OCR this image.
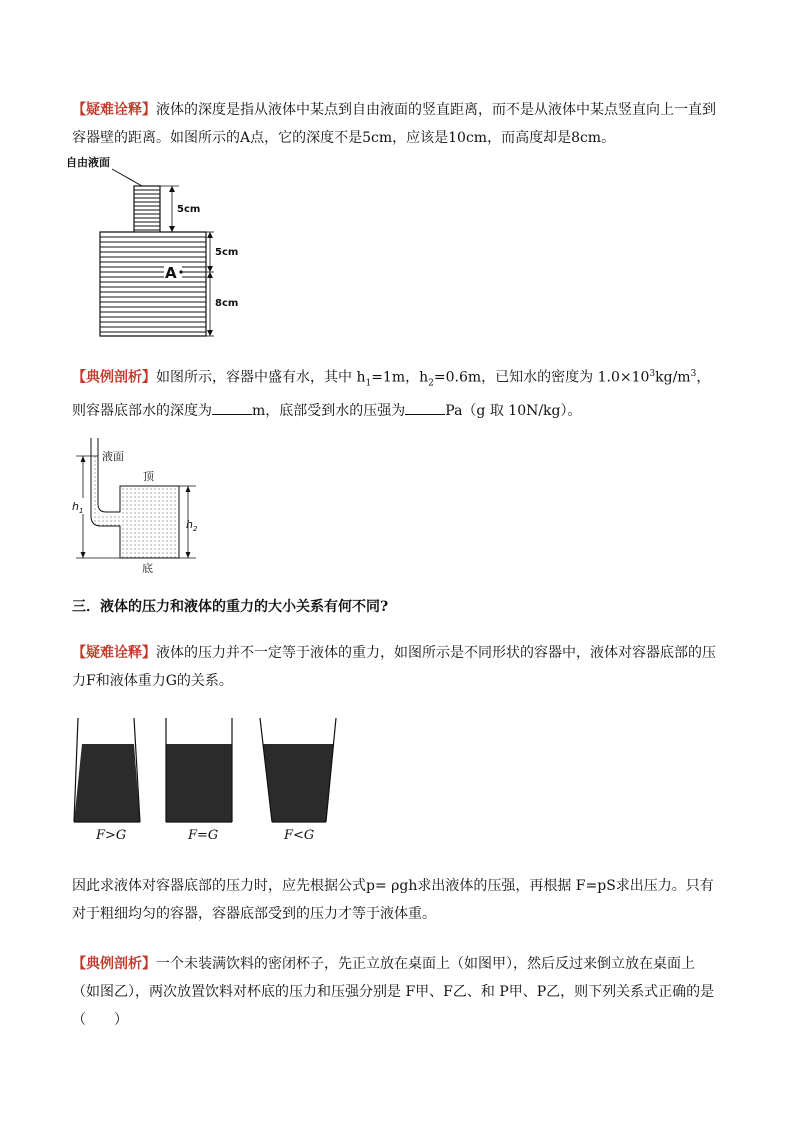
【疑难诠释】液体的深度是指从液体中某点到自由液面的竖直距离，而不是从液体中某点竖直向上一直到容器壁的距离。如图所示的A点，它的深度不是5cm，应该是10cm，而高度却是8cm。

自由液面
A
5cm
5cm
8cm

【典例剖析】如图所示，容器中盛有水，其中 $h_1=1m$，$h_2=0.6m$，已知水的密度为 $1.0\times 10^3kg/m^3$，则容器底部水的深度为	m，底部受到水的压强为	Pa（g 取 10N/kg）。

$h_1$
$h_2$
液面
顶
底

三．液体的压力和液体的重力的大小关系有何不同?

【疑难诠释】液体的压力并不一定等于液体的重力，如图所示是不同形状的容器中，液体对容器底部的压力F和液体重力G的关系。

F>G	F=G	F<G

因此求液体对容器底部的压力时，应先根据公式p= ρgh求出液体的压强，再根据 F=pS求出压力。只有对于粗细均匀的容器，容器底部受到的压力才等于液体重。

【典例剖析】一个未装满饮料的密闭杯子，先正立放在桌面上（如图甲），然后反过来倒立放在桌面上（如图乙），两次放置饮料对杯底的压力和压强分别是 F甲、F乙、和 P甲、P乙，则下列关系式正确的是（　　）
